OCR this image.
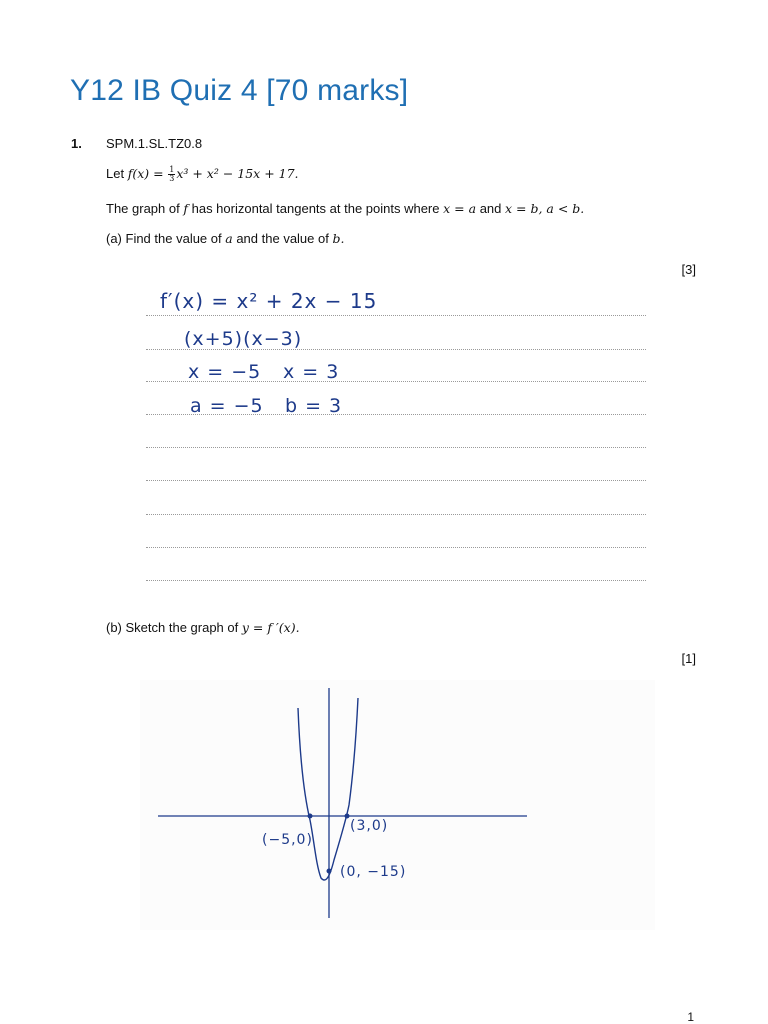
Y12 IB Quiz 4 [70 marks]
1. SPM.1.SL.TZ0.8
Let $f(x) = \frac{1}{3} x^3 + x^2 - 15x + 17$.
The graph of f has horizontal tangents at the points where x = a and x = b, a < b.
(a) Find the value of a and the value of b.
[3]
f′(x) = x² + 2x − 15
(x+5)(x−3)
x = −5 x = 3
a = −5 b = 3
(b) Sketch the graph of y = f ′(x).
[1]
(−5,0)
(3,0)
(0, −15)
1
